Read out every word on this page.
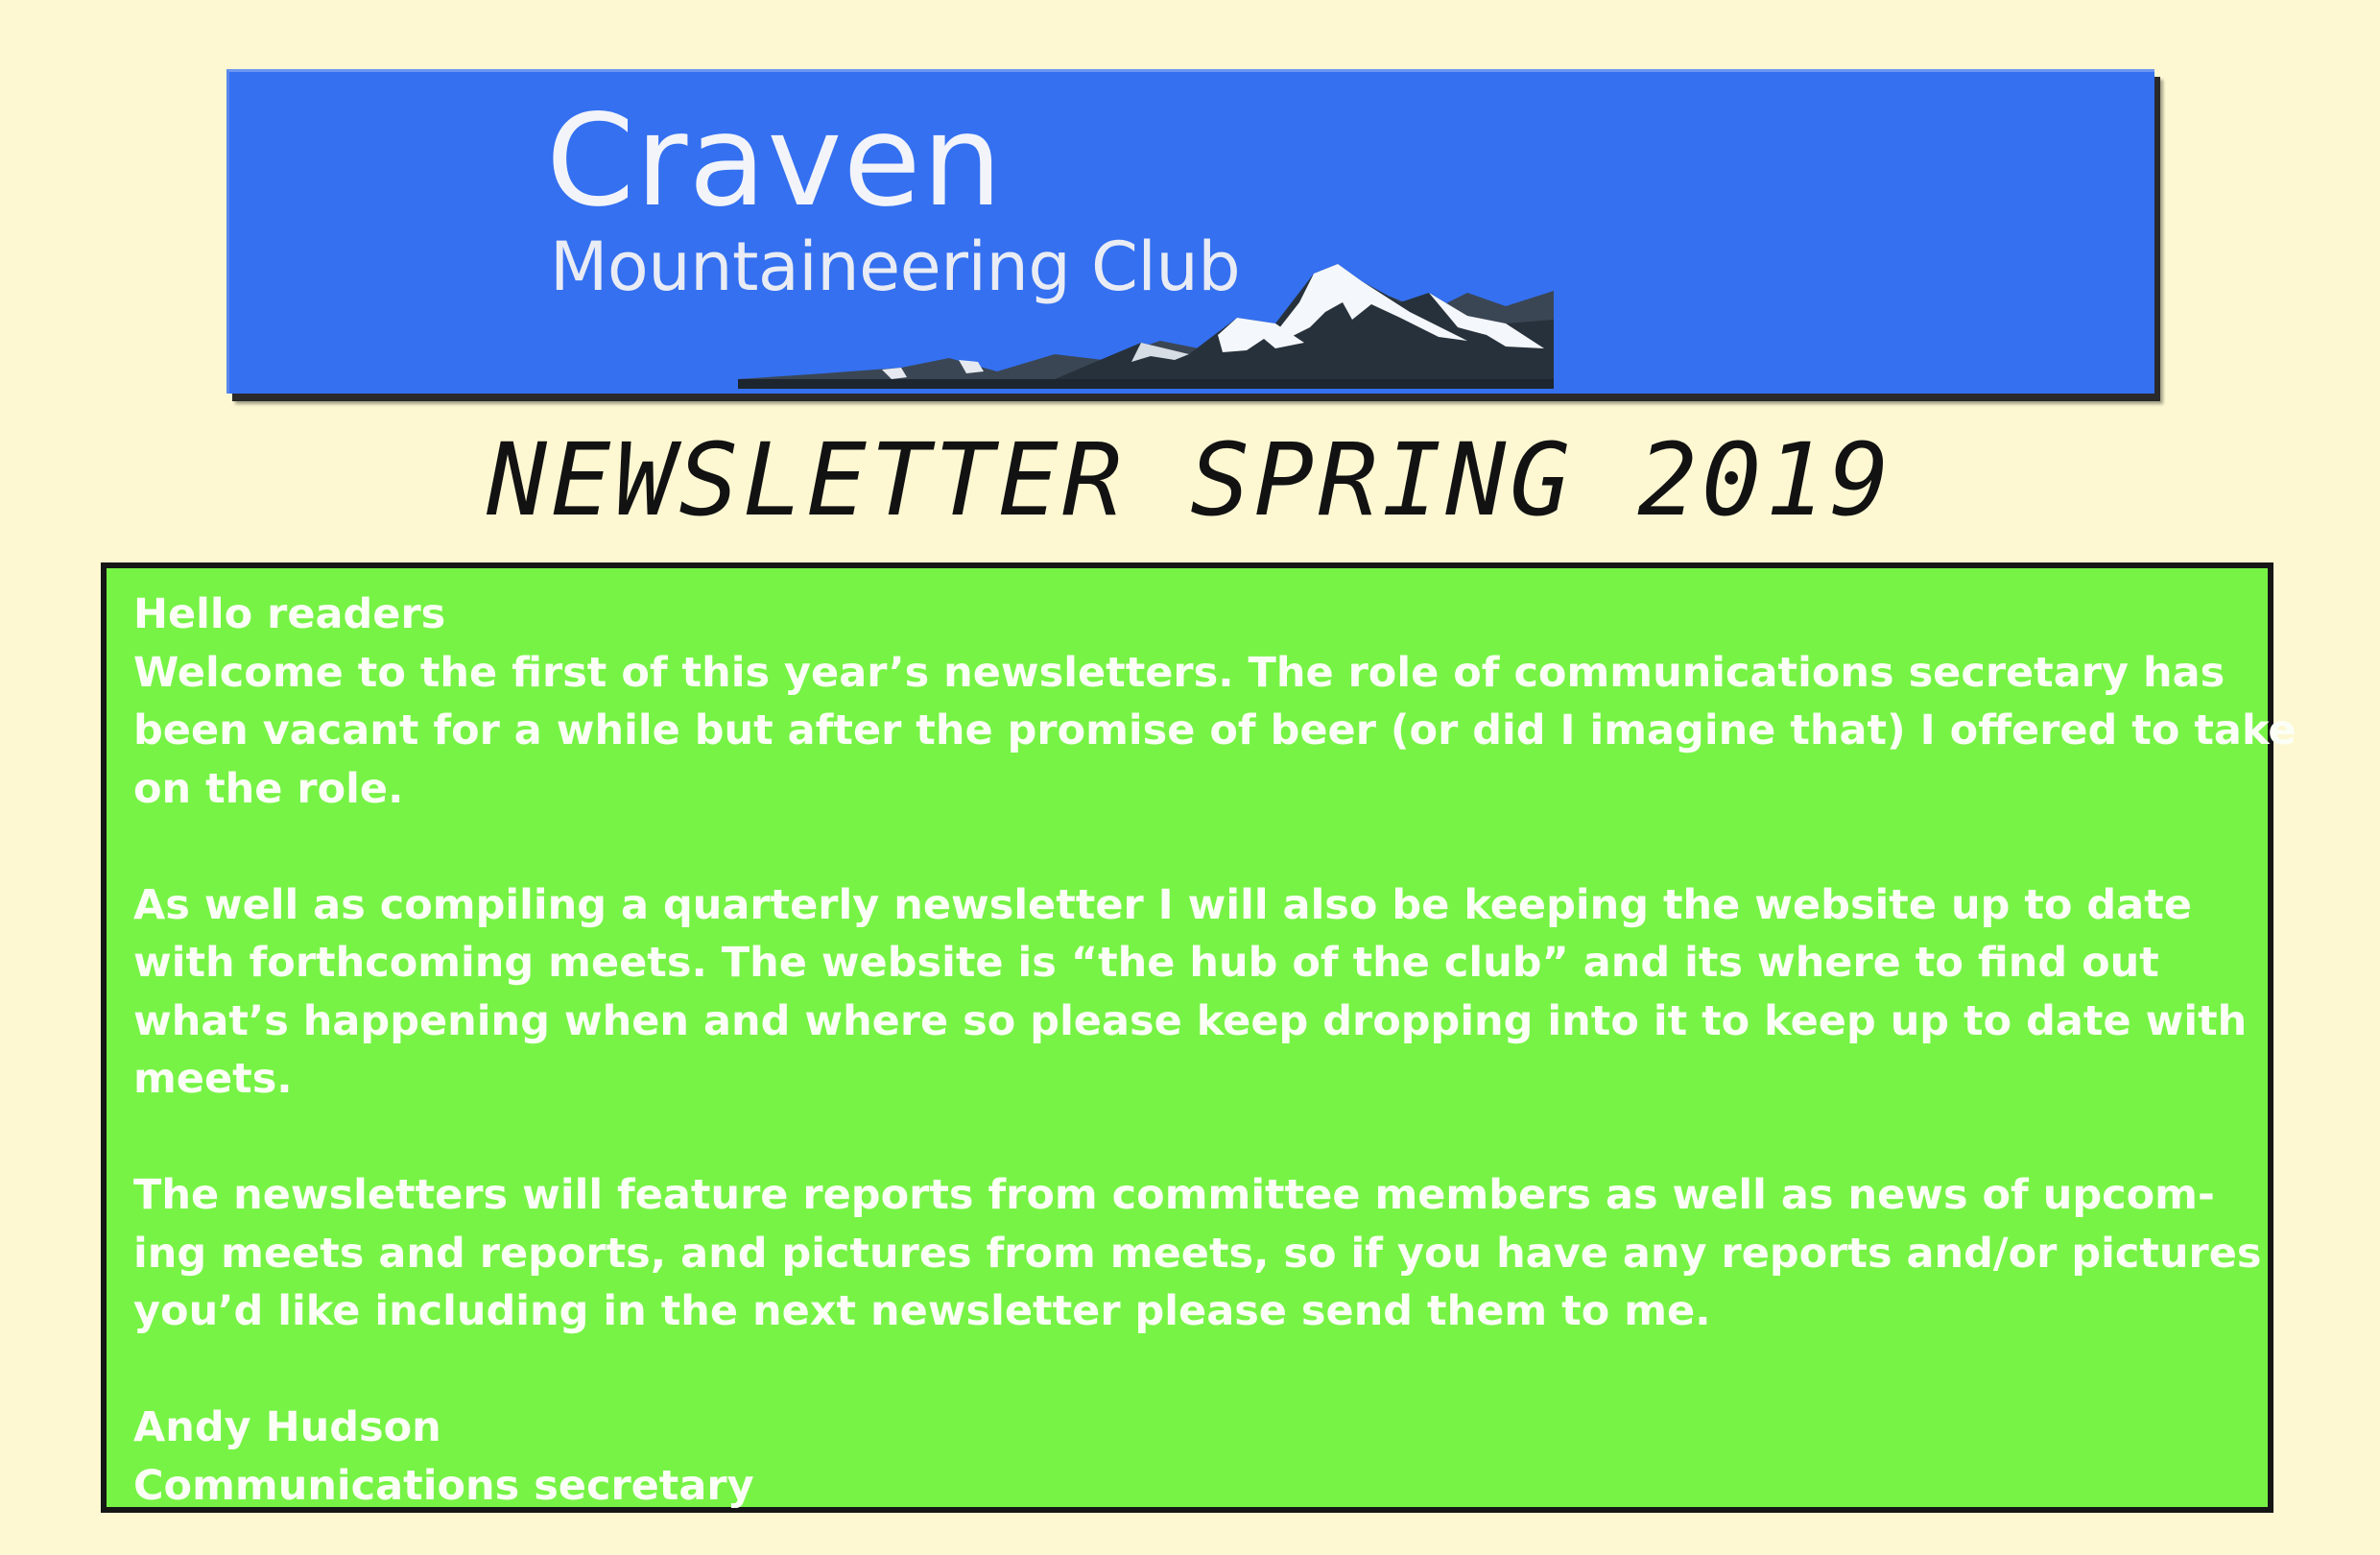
Craven
Mountaineering Club
NEWSLETTER SPRING 2019

Hello readers

Welcome to the first of this year’s newsletters. The role of communications secretary has

been vacant for a while but after the promise of beer (or did I imagine that) I offered to take

on the role.

As well as compiling a quarterly newsletter I will also be keeping the website up to date

with forthcoming meets. The website is “the hub of the club” and its where to find out

what’s happening when and where so please keep dropping into it to keep up to date with

meets.

The newsletters will feature reports from committee members as well as news of upcom-

ing meets and reports, and pictures from meets, so if you have any reports and/or pictures

you’d like including in the next newsletter please send them to me.

Andy Hudson

Communications secretary
